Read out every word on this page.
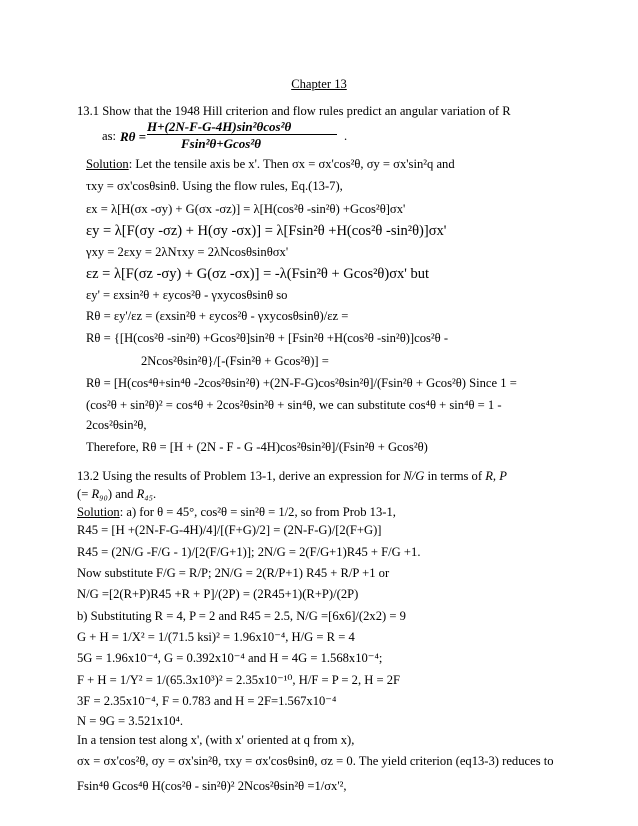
Chapter 13
13.1 Show that the 1948 Hill criterion and flow rules predict an angular variation of R
as: Rθ =
H+(2N-F-G-4H)sin²θcos²θ
Fsin²θ+Gcos²θ	.
Solution: Let the tensile axis be x'. Then σx = σx'cos²θ, σy = σx'sin²q and
τxy = σx'cosθsinθ. Using the flow rules, Eq.(13-7),
εx = λ[H(σx -σy) + G(σx -σz)] = λ[H(cos²θ -sin²θ) +Gcos²θ]σx'
εy = λ[F(σy -σz) + H(σy -σx)] = λ[Fsin²θ +H(cos²θ -sin²θ)]σx'
γxy = 2εxy = 2λNτxy = 2λNcosθsinθσx'
εz = λ[F(σz -σy) + G(σz -σx)] = -λ(Fsin²θ + Gcos²θ)σx' but
εy' = εxsin²θ + εycos²θ - γxycosθsinθ so
Rθ = εy'/εz = (εxsin²θ + εycos²θ - γxycosθsinθ)/εz =
Rθ = {[H(cos²θ -sin²θ) +Gcos²θ]sin²θ + [Fsin²θ +H(cos²θ -sin²θ)]cos²θ -
2Ncos²θsin²θ}/[-(Fsin²θ + Gcos²θ)] =
Rθ = [H(cos⁴θ+sin⁴θ -2cos²θsin²θ) +(2N-F-G)cos²θsin²θ]/(Fsin²θ + Gcos²θ) Since 1 =
(cos²θ + sin²θ)² = cos⁴θ + 2cos²θsin²θ + sin⁴θ, we can substitute cos⁴θ + sin⁴θ = 1 -
2cos²θsin²θ,
Therefore, Rθ = [H + (2N - F - G -4H)cos²θsin²θ]/(Fsin²θ + Gcos²θ)
13.2 Using the results of Problem 13-1, derive an expression for N/G in terms of R, P
(= R₉₀) and R₄₅.
Solution: a) for θ = 45°, cos²θ = sin²θ = 1/2, so from Prob 13-1,
R45 = [H +(2N-F-G-4H)/4]/[(F+G)/2] = (2N-F-G)/[2(F+G)]
R45 = (2N/G -F/G - 1)/[2(F/G+1)]; 2N/G = 2(F/G+1)R45 + F/G +1.
Now substitute F/G = R/P; 2N/G = 2(R/P+1) R45 + R/P +1 or
N/G =[2(R+P)R45 +R + P]/(2P) = (2R45+1)(R+P)/(2P)
b) Substituting R = 4, P = 2 and R45 = 2.5, N/G =[6x6]/(2x2) = 9
G + H = 1/X² = 1/(71.5 ksi)² = 1.96x10⁻⁴, H/G = R = 4
5G = 1.96x10⁻⁴, G = 0.392x10⁻⁴ and H = 4G = 1.568x10⁻⁴;
F + H = 1/Y² = 1/(65.3x10³)² = 2.35x10⁻¹⁰, H/F = P = 2, H = 2F
3F = 2.35x10⁻⁴, F = 0.783 and H = 2F=1.567x10⁻⁴
N = 9G = 3.521x10⁴.
In a tension test along x', (with x' oriented at q from x),
σx = σx'cos²θ, σy = σx'sin²θ, τxy = σx'cosθsinθ, σz = 0. The yield criterion (eq13-3) reduces to
Fsin⁴θ Gcos⁴θ H(cos²θ - sin²θ)² 2Ncos²θsin²θ =1/σx'²,
